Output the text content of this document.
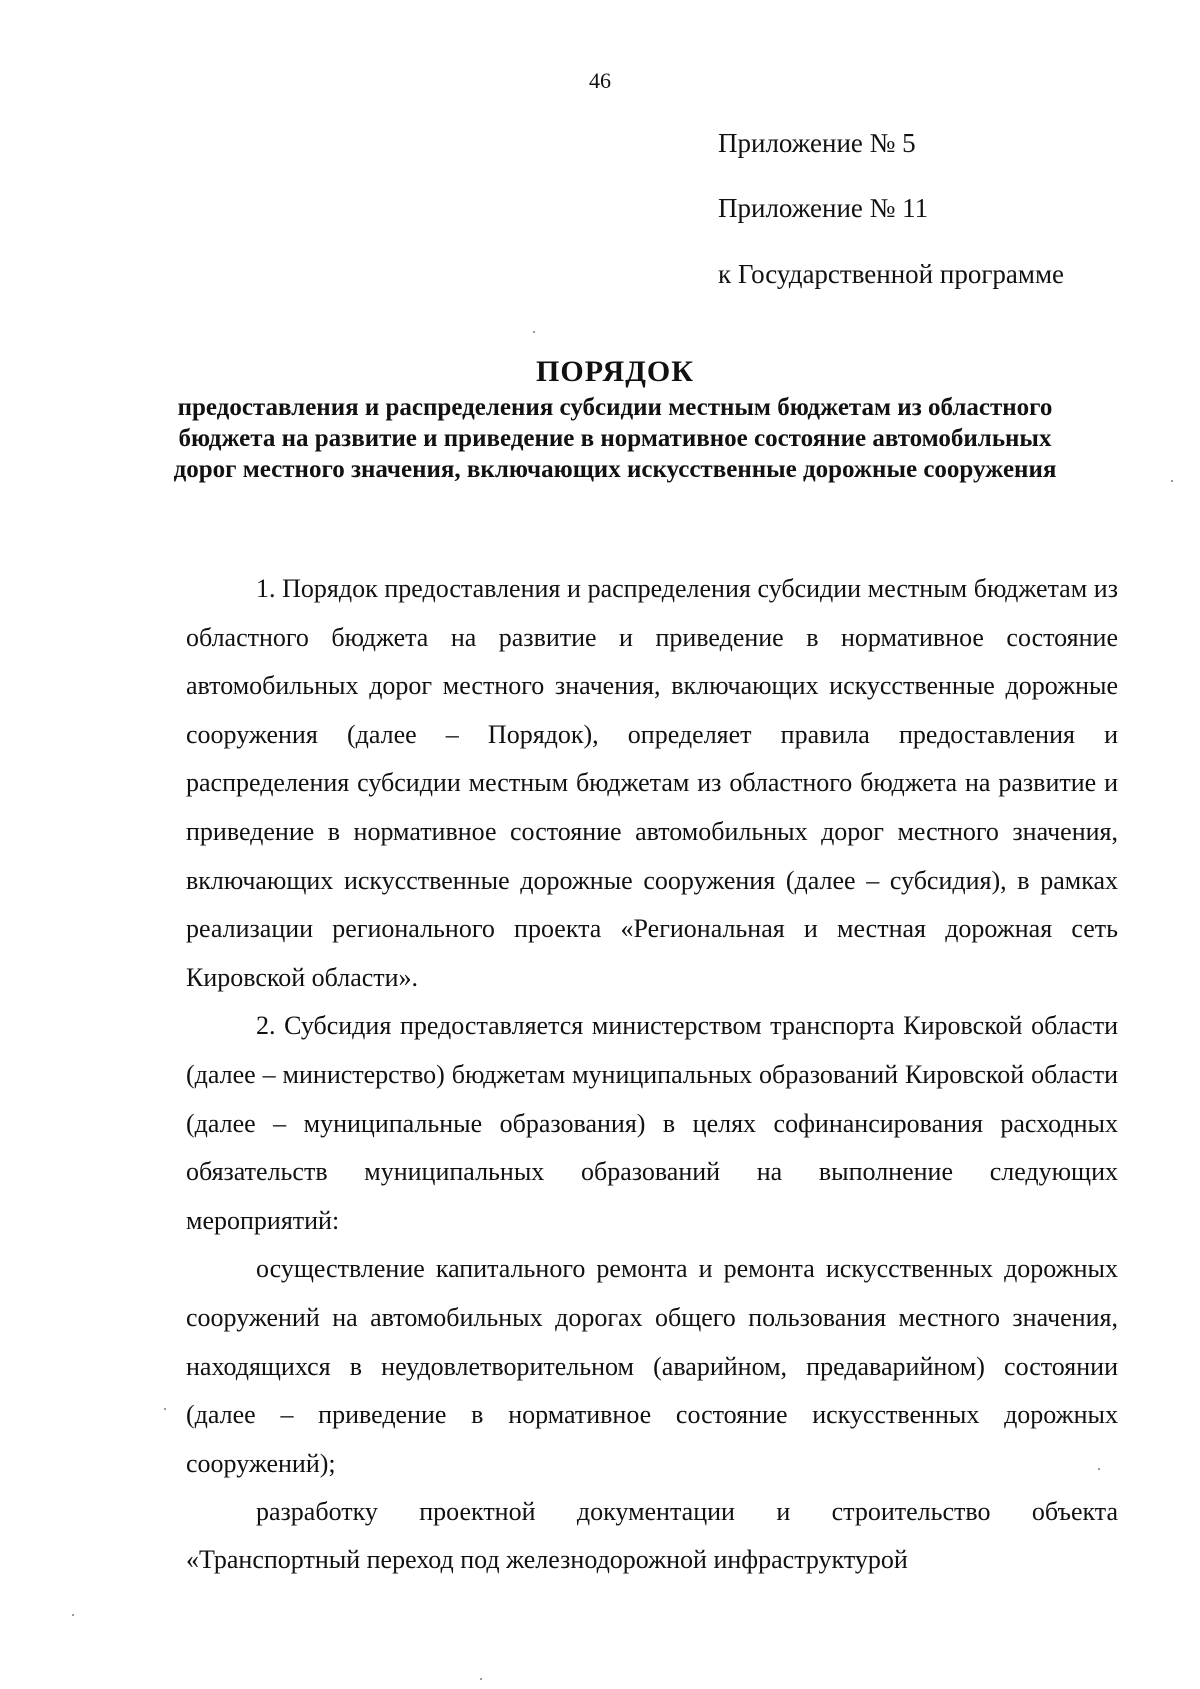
46
Приложение № 5
Приложение № 11
к Государственной программе
ПОРЯДОК
предоставления и распределения субсидии местным бюджетам из областного бюджета на развитие и приведение в нормативное состояние автомобильных дорог местного значения, включающих искусственные дорожные сооружения

1. Порядок предоставления и распределения субсидии местным бюджетам из областного бюджета на развитие и приведение в нормативное состояние автомобильных дорог местного значения, включающих искусственные дорожные сооружения (далее – Порядок), определяет правила предоставления и распределения субсидии местным бюджетам из областного бюджета на развитие и приведение в нормативное состояние автомобильных дорог местного значения, включающих искусственные дорожные сооружения (далее – субсидия), в рамках реализации регионального проекта «Региональная и местная дорожная сеть Кировской области».

2. Субсидия предоставляется министерством транспорта Кировской области (далее – министерство) бюджетам муниципальных образований Кировской области (далее – муниципальные образования) в целях софинансирования расходных обязательств муниципальных образований на выполнение следующих мероприятий:

осуществление капитального ремонта и ремонта искусственных дорожных сооружений на автомобильных дорогах общего пользования местного значения, находящихся в неудовлетворительном (аварийном, предаварийном) состоянии (далее – приведение в нормативное состояние искусственных дорожных сооружений);

разработку проектной документации и строительство объекта «Транспортный переход под железнодорожной инфраструктурой
